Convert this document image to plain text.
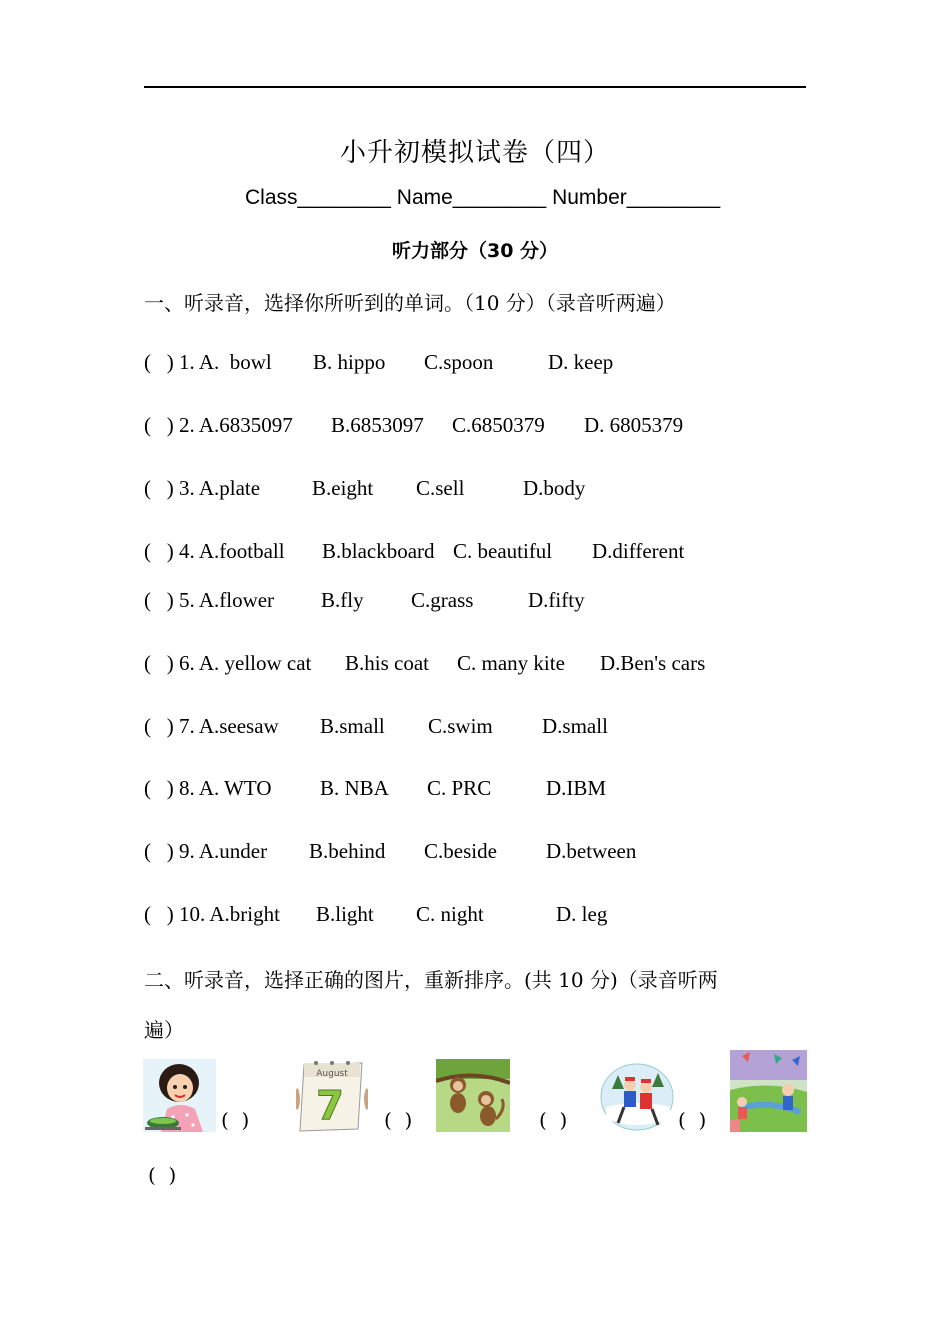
小升初模拟试卷（四）
Class________ Name________ Number________
听力部分（30 分）
一、听录音，选择你所听到的单词。（10 分）（录音听两遍）
(   ) 1. A.  bowl B. hippo C.spoon	D. keep
(   ) 2. A.6835097 B.6853097 C.6850379 D. 6805379
(   ) 3. A.plate B.eight C.sell	D.body
(   ) 4. A.football B.blackboard C. beautiful D.different
(   ) 5. A.flower B.fly C.grass	D.fifty
(   ) 6. A. yellow cat B.his coat C. many kite D.Ben's cars
(   ) 7. A.seesaw B.small C.swim D.small
(   ) 8. A. WTO B. NBA C. PRC	D.IBM
(   ) 9. A.under B.behind C.beside D.between
(   ) 10. A.bright B.light C. night	D. leg
二、听录音，选择正确的图片，重新排序。(共 10 分)（录音听两
遍）
(  )
August
7 (  )	(  )	(  )
(  )
